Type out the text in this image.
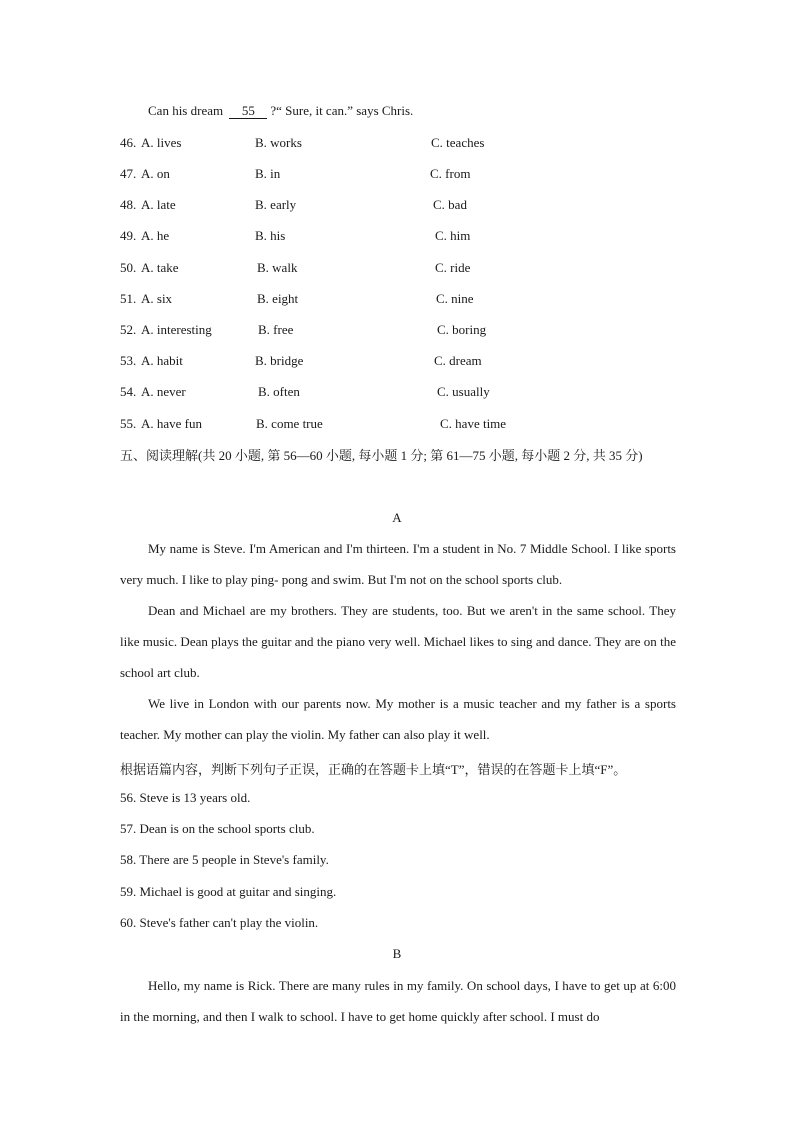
Can his dream 55 ?“ Sure, it can.” says Chris.
46. A. lives	B. works	C. teaches
47. A. on	B. in	C. from
48. A. late	B. early	C. bad
49. A. he	B. his	C. him
50. A. take	B. walk	C. ride
51. A. six	B. eight	C. nine
52. A. interesting	B. free	C. boring
53. A. habit	B. bridge	C. dream
54. A. never	B. often	C. usually
55. A. have fun	B. come true	C. have time
五、阅读理解(共 20 小题, 第 56—60 小题, 每小题 1 分; 第 61—75 小题, 每小题 2 分, 共 35 分)
A
My name is Steve. I'm American and I'm thirteen. I'm a student in No. 7 Middle School. I like sports very much. I like to play ping- pong and swim. But I'm not on the school sports club.
Dean and Michael are my brothers. They are students, too. But we aren't in the same school. They like music. Dean plays the guitar and the piano very well. Michael likes to sing and dance. They are on the school art club.
We live in London with our parents now. My mother is a music teacher and my father is a sports teacher. My mother can play the violin. My father can also play it well.
根据语篇内容，判断下列句子正误，正确的在答题卡上填“T”，错误的在答题卡上填“F”。
56. Steve is 13 years old.
57. Dean is on the school sports club.
58. There are 5 people in Steve's family.
59. Michael is good at guitar and singing.
60. Steve's father can't play the violin.
B
Hello, my name is Rick. There are many rules in my family. On school days, I have to get up at 6:00 in the morning, and then I walk to school. I have to get home quickly after school. I must do
